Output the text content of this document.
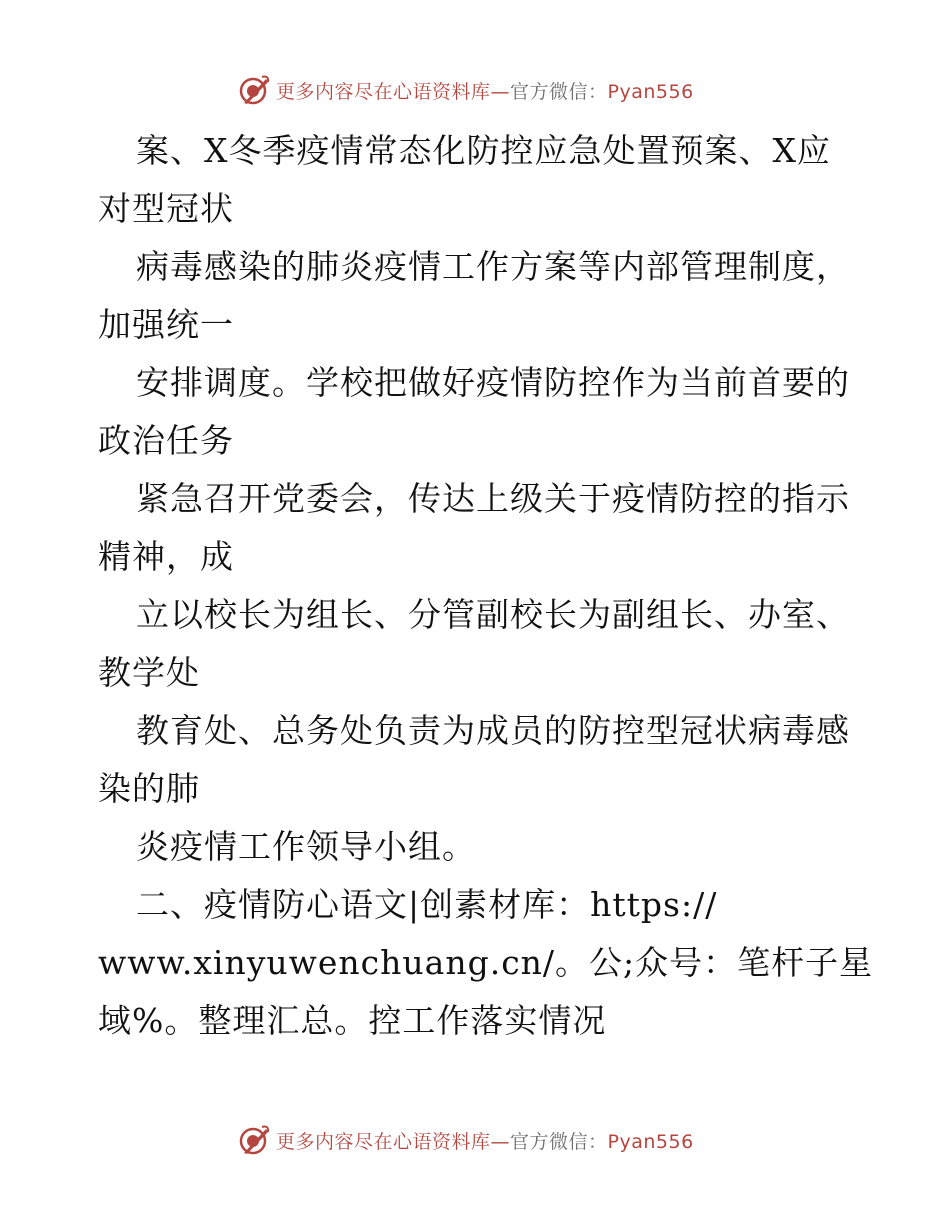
更多内容尽在心语资料库—官方微信：Pyan556
案、X冬季疫情常态化防控应急处置预案、X应
对型冠状
病毒感染的肺炎疫情工作方案等内部管理制度，
加强统一
安排调度。学校把做好疫情防控作为当前首要的
政治任务
紧急召开党委会，传达上级关于疫情防控的指示
精神，成
立以校长为组长、分管副校长为副组长、办室、
教学处
教育处、总务处负责为成员的防控型冠状病毒感
染的肺
炎疫情工作领导小组。
二、疫情防心语文|创素材库：https://
www.xinyuwenchuang.cn/。公;众号：笔杆子星
域%。整理汇总。控工作落实情况
更多内容尽在心语资料库—官方微信：Pyan556
